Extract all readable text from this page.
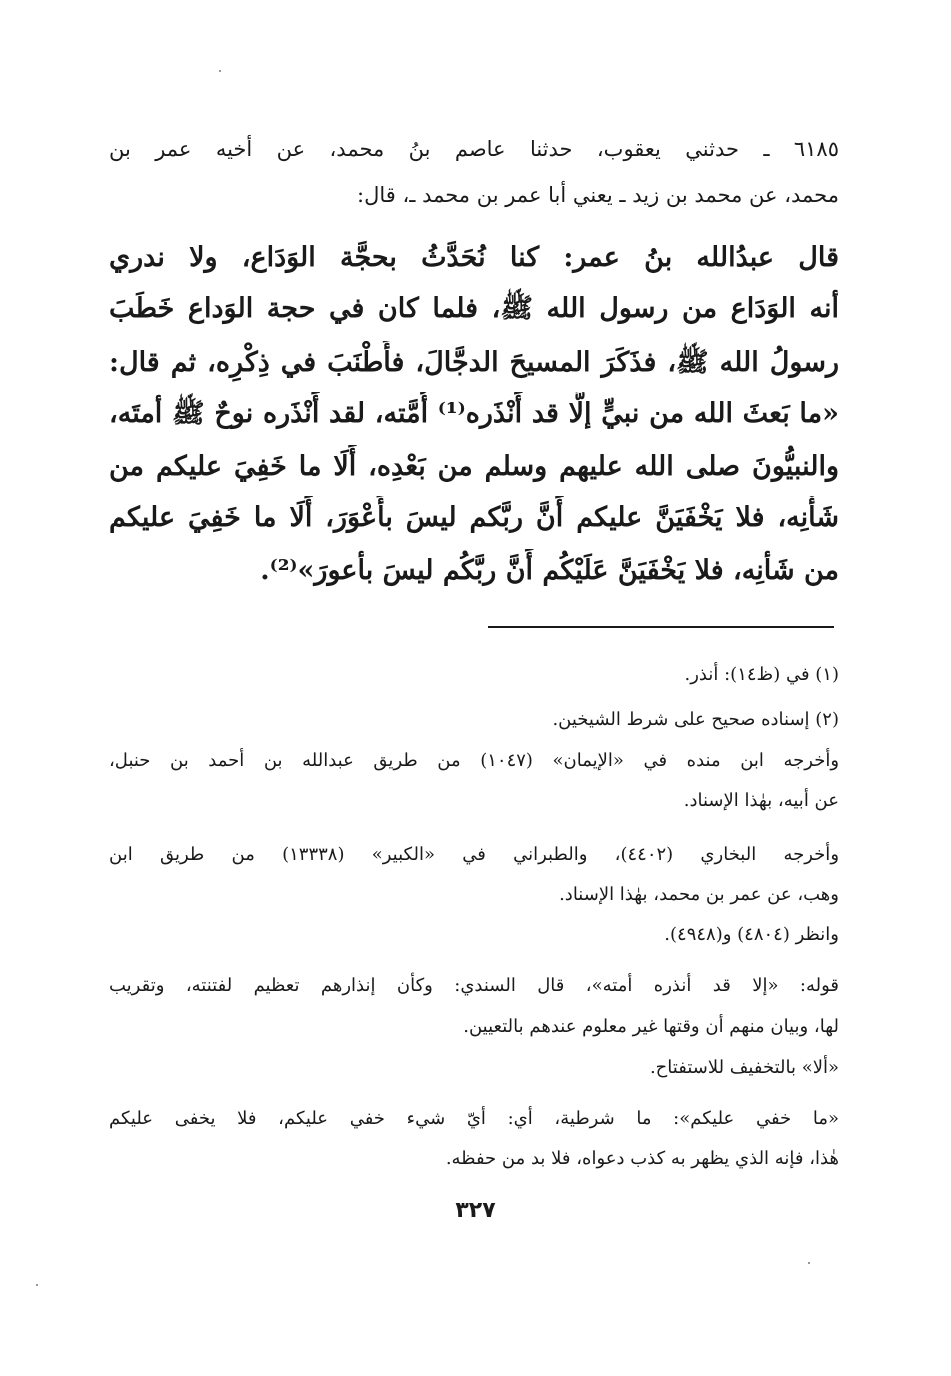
٦١٨٥ ـ حدثني يعقوب، حدثنا عاصم بنُ محمد، عن أخيه عمر بن
محمد، عن محمد بن زيد ـ يعني أبا عمر بن محمد ـ، قال:
قال عبدُالله بنُ عمر: كنا نُحَدَّثُ بحجَّة الوَدَاع، ولا ندري
أنه الوَدَاع من رسول الله ﷺ، فلما كان في حجة الوَداع خَطَبَ
رسولُ الله ﷺ، فذَكَرَ المسيحَ الدجَّالَ، فأَطْنَبَ في ذِكْرِه، ثم قال:
«ما بَعثَ الله من نبيٍّ إلَّا قد أَنْذَره⁽¹⁾ أُمَّته، لقد أَنْذَره نوحٌ ﷺ أمتَه،
والنبيُّونَ صلى الله عليهم وسلم من بَعْدِه، أَلَا ما خَفِيَ عليكم من
شَأْنِه، فلا يَخْفَيَنَّ عليكم أَنَّ ربَّكم ليسَ بأَعْوَرَ، أَلَا ما خَفِيَ عليكم
من شَأنِه، فلا يَخْفَيَنَّ عَلَيْكُم أَنَّ ربَّكُم ليسَ بأعورَ»⁽²⁾.
(١) في (ظ١٤): أنذر.
(٢) إسناده صحيح على شرط الشيخين.
وأخرجه ابن منده في «الإيمان» (١٠٤٧) من طريق عبدالله بن أحمد بن حنبل،
عن أبيه، بهٰذا الإسناد.
وأخرجه البخاري (٤٤٠٢)، والطبراني في «الكبير» (١٣٣٣٨) من طريق ابن
وهب، عن عمر بن محمد، بهٰذا الإسناد.
وانظر (٤٨٠٤) و(٤٩٤٨).
قوله: «إلا قد أنذره أمته»، قال السندي: وكأن إنذارهم تعظيم لفتنته، وتقريب
لها، وبيان منهم أن وقتها غير معلوم عندهم بالتعيين.
«ألا» بالتخفيف للاستفتاح.
«ما خفي عليكم»: ما شرطية، أي: أيّ شيء خفي عليكم، فلا يخفى عليكم
هٰذا، فإنه الذي يظهر به كذب دعواه، فلا بد من حفظه.
٣٢٧
